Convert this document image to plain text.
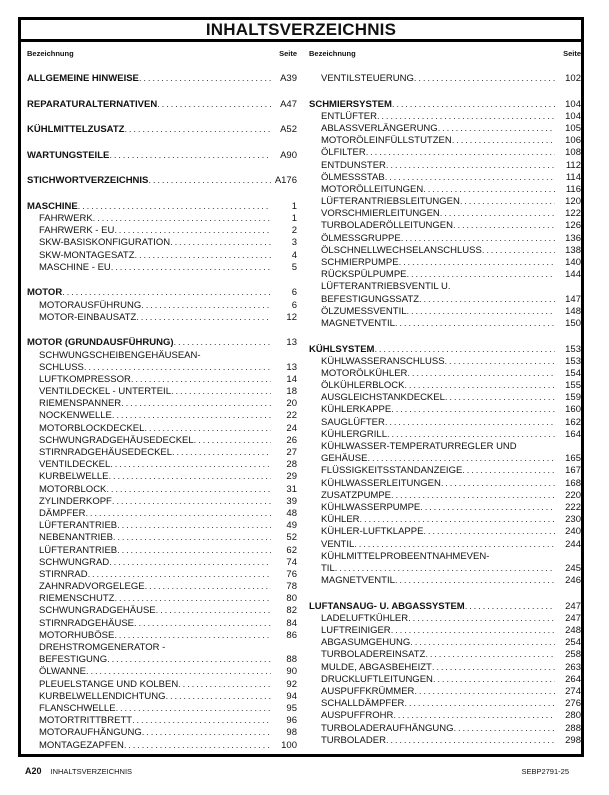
INHALTSVERZEICHNIS
Bezeichnung	Seite
ALLGEMEINE HINWEISE . . .	A39
REPARATURALTERNATIVEN . . .	A47
KÜHLMITTELZUSATZ . . .	A52
WARTUNGSTEILE . . .	A90
STICHWORTVERZEICHNIS . . .	A176
MASCHINE . . .	1
FAHRWERK . . .	1
FAHRWERK - EU . . .	2
SKW-BASISKONFIGURATION . . .	3
SKW-MONTAGESATZ . . .	4
MASCHINE - EU . . .	5
MOTOR . . .	6
MOTORAUSFÜHRUNG . . .	6
MOTOR-EINBAUSATZ . . .	12
MOTOR (GRUNDAUSFÜHRUNG) . . .	13
SCHWUNGSCHEIBENGEHÄUSEAN-
SCHLUSS . . .	13
LUFTKOMPRESSOR . . .	14
VENTILDECKEL - UNTERTEIL . . .	18
RIEMENSPANNER . . .	20
NOCKENWELLE . . .	22
MOTORBLOCKDECKEL . . .	24
SCHWUNGRADGEHÄUSEDECKEL . . .	26
STIRNRADGEHÄUSEDECKEL . . .	27
VENTILDECKEL . . .	28
KURBELWELLE . . .	29
MOTORBLOCK . . .	31
ZYLINDERKOPF . . .	39
DÄMPFER . . .	48
LÜFTERANTRIEB . . .	49
NEBENANTRIEB . . .	52
LÜFTERANTRIEB . . .	62
SCHWUNGRAD . . .	74
STIRNRAD . . .	76
ZAHNRADVORGELEGE . . .	78
RIEMENSCHUTZ . . .	80
SCHWUNGRADGEHÄUSE . . .	82
STIRNRADGEHÄUSE . . .	84
MOTORHUBÖSE . . .	86
DREHSTROMGENERATOR -
BEFESTIGUNG . . .	88
ÖLWANNE . . .	90
PLEUELSTANGE UND KOLBEN . . .	92
KURBELWELLENDICHTUNG . . .	94
FLANSCHWELLE . . .	95
MOTORTRITTBRETT . . .	96
MOTORAUFHÄNGUNG . . .	98
MONTAGEZAPFEN . . .	100
Bezeichnung	Seite
VENTILSTEUERUNG . . .	102
SCHMIERSYSTEM . . .	104
ENTLÜFTER . . .	104
ABLASSVERLÄNGERUNG . . .	105
MOTORÖLEINFÜLLSTUTZEN . . .	106
ÖLFILTER . . .	108
ENTDUNSTER . . .	112
ÖLMESSSTAB . . .	114
MOTORÖLLEITUNGEN . . .	116
LÜFTERANTRIEBSLEITUNGEN . . .	120
VORSCHMIERLEITUNGEN . . .	122
TURBOLADERÖLLEITUNGEN . . .	126
ÖLMESSGRUPPE . . .	136
ÖLSCHNELLWECHSELANSCHLUSS . . .	138
SCHMIERPUMPE . . .	140
RÜCKSPÜLPUMPE . . .	144
LÜFTERANTRIEBSVENTIL U.
BEFESTIGUNGSSATZ . . .	147
ÖLZUMESSVENTIL . . .	148
MAGNETVENTIL . . .	150
KÜHLSYSTEM . . .	153
KÜHLWASSERANSCHLUSS . . .	153
MOTORÖLKÜHLER . . .	154
ÖLKÜHLERBLOCK . . .	155
AUSGLEICHSTANKDECKEL . . .	159
KÜHLERKAPPE . . .	160
SAUGLÜFTER . . .	162
KÜHLERGRILL . . .	164
KÜHLWASSER-TEMPERATURREGLER UND
GEHÄUSE . . .	165
FLÜSSIGKEITSSTANDANZEIGE . . .	167
KÜHLWASSERLEITUNGEN . . .	168
ZUSATZPUMPE . . .	220
KÜHLWASSERPUMPE . . .	222
KÜHLER . . .	230
KÜHLER-LUFTKLAPPE . . .	240
VENTIL . . .	244
KÜHLMITTELPROBEENTNAHMEVEN-
TIL . . .	245
MAGNETVENTIL . . .	246
LUFTANSAUG- U. ABGASSYSTEM . . .	247
LADELUFTKÜHLER . . .	247
LUFTREINIGER . . .	248
ABGASUMGEHUNG . . .	254
TURBOLADEREINSATZ . . .	258
MULDE, ABGASBEHEIZT . . .	263
DRUCKLUFTLEITUNGEN . . .	264
AUSPUFFKRÜMMER . . .	274
SCHALLDÄMPFER . . .	276
AUSPUFFROHR . . .	280
TURBOLADERAUFHÄNGUNG . . .	288
TURBOLADER . . .	298
A20 INHALTSVERZEICHNIS	SEBP2791-25
